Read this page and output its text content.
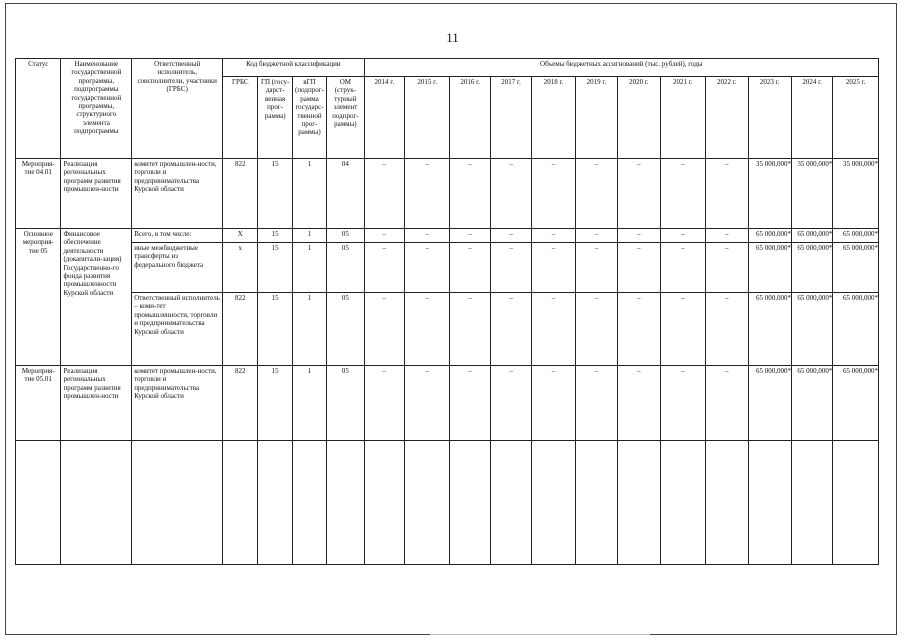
11
Статус	Наименование государственной программы, подпрограммы государственной программы, структурного элемента подпрограммы	Ответственный исполнитель, соисполнители, участники (ГРБС)	Код бюджетной классификации				Объемы бюджетных ассигнований (тыс. рублей), годы											
			ГРБС	ГП (госу-дарст-венная прог-рамма)	вГП (подпрог-рамма государс-твенной прог-раммы)	ОМ (струк-турный элемент подпрог-раммы)	2014 г.	2015 г.	2016 г.	2017 г.	2018 г.	2019 г.	2020 г.	2021 г.	2022 г.	2023 г.	2024 г.	2025 г.
Мероприя-тие 04.01	Реализация региональных программ развития промышлен-ности	комитет промышлен-ности, торговли и предпринимательства Курской области	822	15	1	04	–	–	–	–	–	–	–	–	–	35 000,000*	35 000,000*	35 000,000*
Основное мероприя-тие 05	Финансовое обеспечение деятельности (докапитали-зация) Государственно-го фонда развития промышленности Курской области	Всего, в том числе:	Х	15	1	05	–	–	–	–	–	–	–	–	–	65 000,000*	65 000,000*	65 000,000*
		иные межбюджетные трансферты из федерального бюджета	х	15	1	05	–	–	–	–	–	–	–	–	–	65 000,000*	65 000,000*	65 000,000*
		Ответственный исполнитель – коми-тет промышленности, торговли и предпринимательства Курской области	822	15	1	05	–	–	–	–	–	–	–	–	–	65 000,000*	65 000,000*	65 000,000*
Мероприя-тие 05.01	Реализация региональных программ развития промышлен-ности	комитет промышлен-ности, торговли и предпринимательства Курской области	822	15	1	05	–	–	–	–	–	–	–	–	–	65 000,000*	65 000,000*	65 000,000*
